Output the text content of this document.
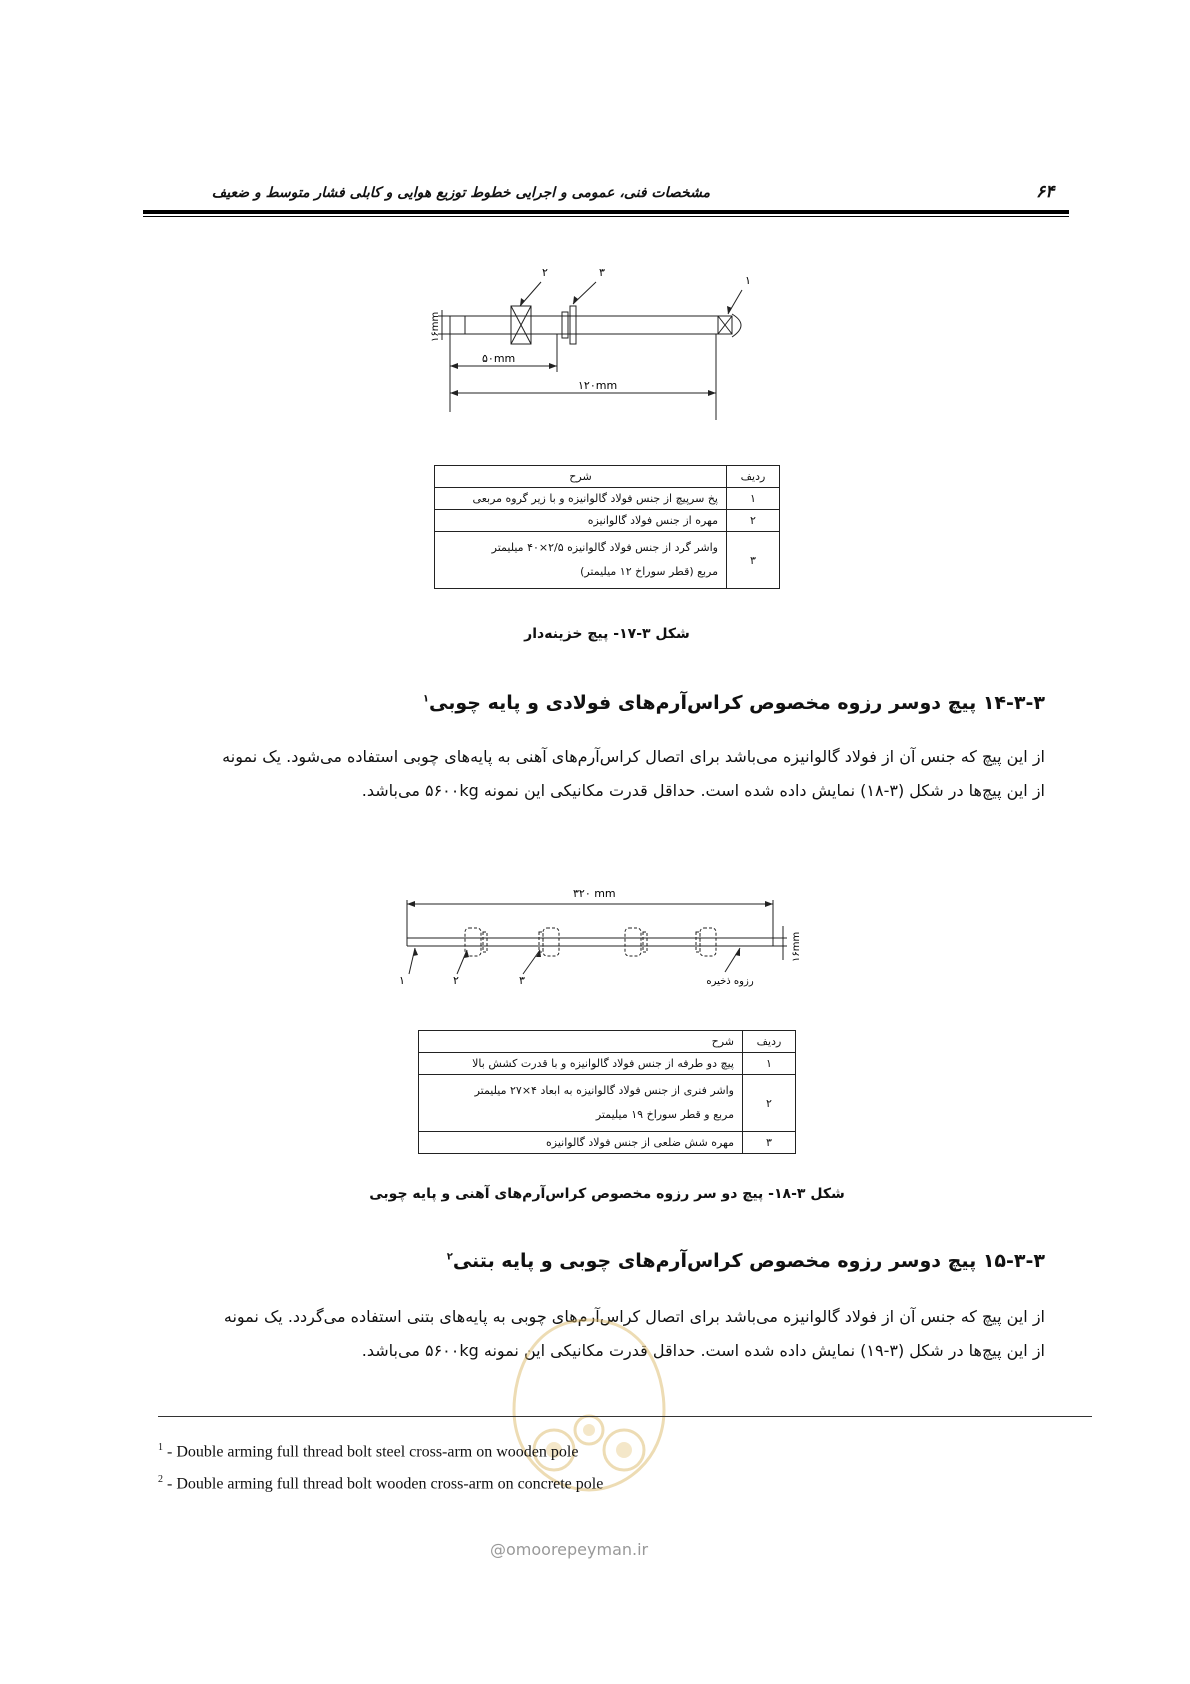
۶۴
مشخصات فنی، عمومی و اجرایی خطوط توزیع هوایی و کابلی فشار متوسط و ضعیف
۲	۳
۱
۱۶mm
۵۰mm
۱۲۰mm
ردیف	شرح
۱	پخ سرپیچ از جنس فولاد گالوانیزه و با زیر گروه مربعی
۲	مهره از جنس فولاد گالوانیزه
۳	واشر گرد از جنس فولاد گالوانیزه ۲/۵×۴۰ میلیمتر
مربع (قطر سوراخ ۱۲ میلیمتر)
شکل ۳-۱۷- پیچ خزینه‌دار
۱۴-۳-۳ پیچ دوسر رزوه مخصوص کراس‌آرم‌های فولادی و پایه چوبی$^۱$
از این پیچ که جنس آن از فولاد گالوانیزه می‌باشد برای اتصال کراس‌آرم‌های آهنی به پایه‌های چوبی استفاده می‌شود. یک نمونه
از این پیچ‌ها در شکل (۳-۱۸) نمایش داده شده است. حداقل قدرت مکانیکی این نمونه ۵۶۰۰kg می‌باشد.
۳۲۰ mm
۱۶mm
۱	۲	۳	رزوه ذخیره
ردیف	شرح
۱	پیچ دو طرفه از جنس فولاد گالوانیزه و با قدرت کشش بالا
۲	واشر فنری از جنس فولاد گالوانیزه به ابعاد ۴×۲۷ میلیمتر
مربع و قطر سوراخ ۱۹ میلیمتر

۳	مهره شش ضلعی از جنس فولاد گالوانیزه
شکل ۳-۱۸- پیچ دو سر رزوه مخصوص کراس‌آرم‌های آهنی و پایه چوبی
۱۵-۳-۳ پیچ دوسر رزوه مخصوص کراس‌آرم‌های چوبی و پایه بتنی$^۲$
از این پیچ که جنس آن از فولاد گالوانیزه می‌باشد برای اتصال کراس‌آرم‌های چوبی به پایه‌های بتنی استفاده می‌گردد. یک نمونه
از این پیچ‌ها در شکل (۳-۱۹) نمایش داده شده است. حداقل قدرت مکانیکی این نمونه ۵۶۰۰kg می‌باشد.
@omoorepeyman.ir
$^1$ - Double arming full thread bolt steel cross-arm on wooden pole
$^2$ - Double arming full thread bolt wooden cross-arm on concrete pole
